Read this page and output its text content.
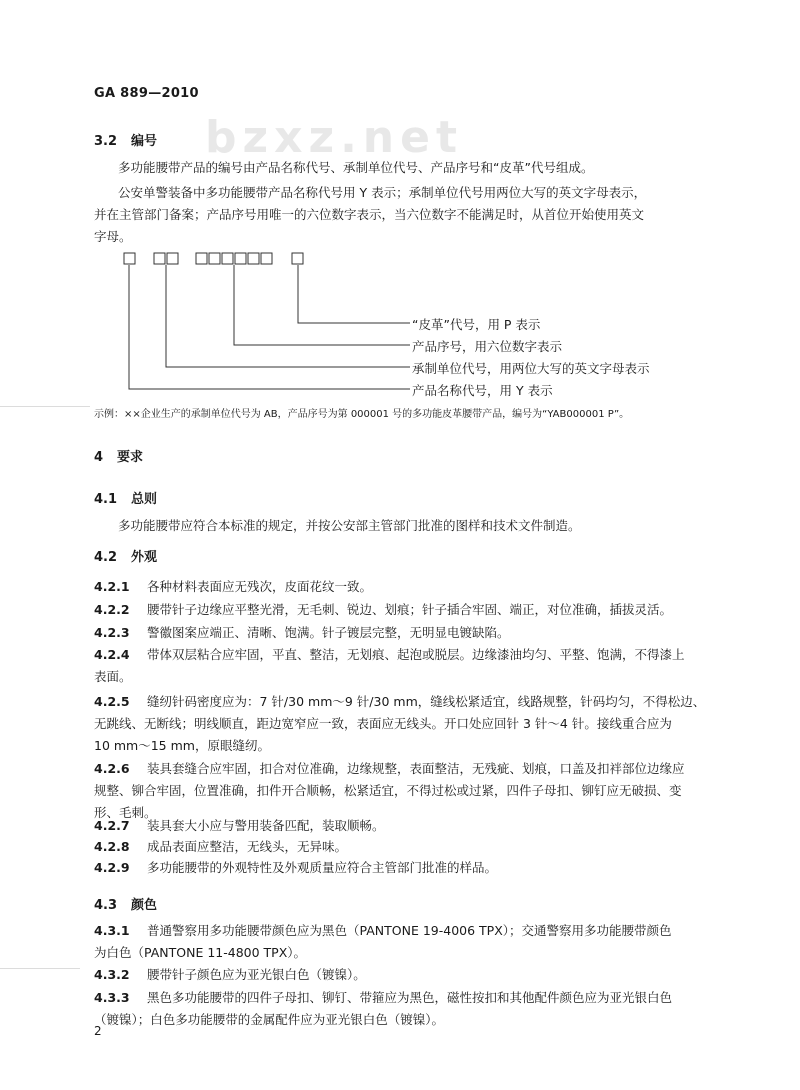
bzxz.net
GA 889—2010
3.2 编号
多功能腰带产品的编号由产品名称代号、承制单位代号、产品序号和“皮革”代号组成。
公安单警装备中多功能腰带产品名称代号用 Y 表示；承制单位代号用两位大写的英文字母表示，
并在主管部门备案；产品序号用唯一的六位数字表示，当六位数字不能满足时，从首位开始使用英文
字母。
“皮革”代号，用 P 表示
产品序号，用六位数字表示
承制单位代号，用两位大写的英文字母表示
产品名称代号，用 Y 表示
示例：××企业生产的承制单位代号为 AB，产品序号为第 000001 号的多功能皮革腰带产品，编号为“YAB000001 P”。
4 要求
4.1 总则
多功能腰带应符合本标准的规定，并按公安部主管部门批准的图样和技术文件制造。
4.2 外观
4.2.1	各种材料表面应无残次，皮面花纹一致。
4.2.2	腰带针子边缘应平整光滑，无毛刺、锐边、划痕；针子插合牢固、端正，对位准确，插拔灵活。
4.2.3	警徽图案应端正、清晰、饱满。针子镀层完整，无明显电镀缺陷。
4.2.4	带体双层粘合应牢固，平直、整洁，无划痕、起泡或脱层。边缘漆油均匀、平整、饱满，不得漆上
表面。
4.2.5	缝纫针码密度应为：7 针/30 mm～9 针/30 mm，缝线松紧适宜，线路规整，针码均匀，不得松边、
无跳线、无断线；明线顺直，距边宽窄应一致，表面应无线头。开口处应回针 3 针～4 针。接线重合应为
10 mm～15 mm，原眼缝纫。
4.2.6	装具套缝合应牢固，扣合对位准确，边缘规整，表面整洁，无残疵、划痕，口盖及扣袢部位边缘应
规整、铆合牢固，位置准确，扣件开合顺畅，松紧适宜，不得过松或过紧，四件子母扣、铆钉应无破损、变
形、毛刺。
4.2.7	装具套大小应与警用装备匹配，装取顺畅。
4.2.8	成品表面应整洁，无线头，无异味。
4.2.9	多功能腰带的外观特性及外观质量应符合主管部门批准的样品。
4.3 颜色
4.3.1	普通警察用多功能腰带颜色应为黑色（PANTONE 19-4006 TPX）；交通警察用多功能腰带颜色
为白色（PANTONE 11-4800 TPX）。
4.3.2	腰带针子颜色应为亚光银白色（镀镍）。
4.3.3	黑色多功能腰带的四件子母扣、铆钉、带箍应为黑色，磁性按扣和其他配件颜色应为亚光银白色
（镀镍）；白色多功能腰带的金属配件应为亚光银白色（镀镍）。
2
